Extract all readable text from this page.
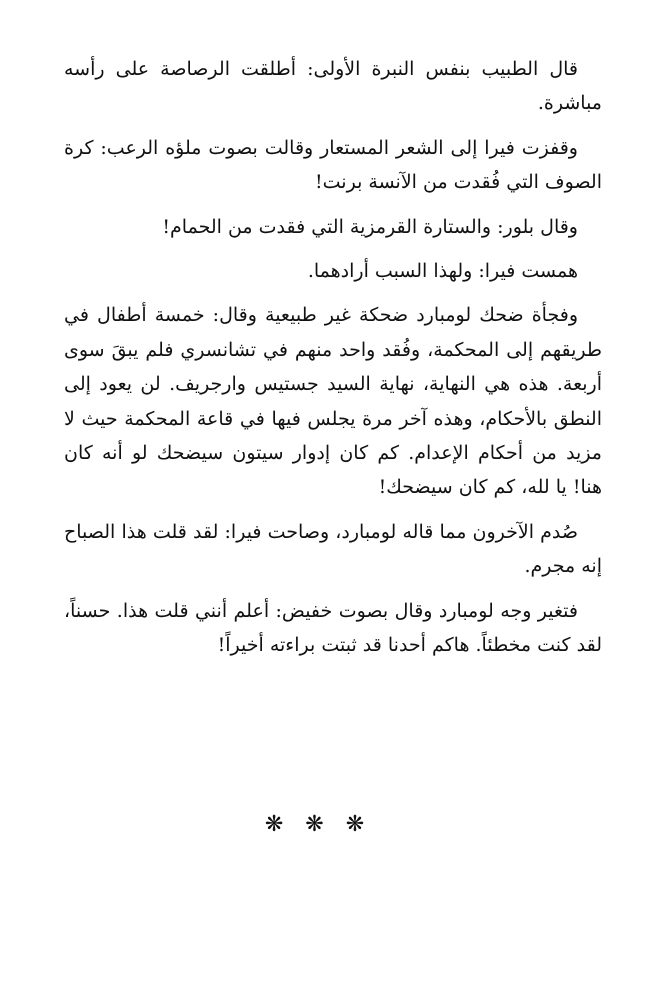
قال الطبيب بنفس النبرة الأولى: أطلقت الرصاصة على رأسه مباشرة.

وقفزت فيرا إلى الشعر المستعار وقالت بصوت ملؤه الرعب: كرة الصوف التي فُقدت من الآنسة برنت!

وقال بلور: والستارة القرمزية التي فقدت من الحمام!

همست فيرا: ولهذا السبب أرادهما.

وفجأة ضحك لومبارد ضحكة غير طبيعية وقال: خمسة أطفال في طريقهم إلى المحكمة، وفُقد واحد منهم في تشانسري فلم يبقَ سوى أربعة. هذه هي النهاية، نهاية السيد جستيس وارجريف. لن يعود إلى النطق بالأحكام، وهذه آخر مرة يجلس فيها في قاعة المحكمة حيث لا مزيد من أحكام الإعدام. كم كان إدوار سيتون سيضحك لو أنه كان هنا! يا لله، كم كان سيضحك!

صُدم الآخرون مما قاله لومبارد، وصاحت فيرا: لقد قلت هذا الصباح إنه مجرم.

فتغير وجه لومبارد وقال بصوت خفيض: أعلم أنني قلت هذا. حسناً، لقد كنت مخطئاً. هاكم أحدنا قد ثبتت براءته أخيراً!

❋❋❋
